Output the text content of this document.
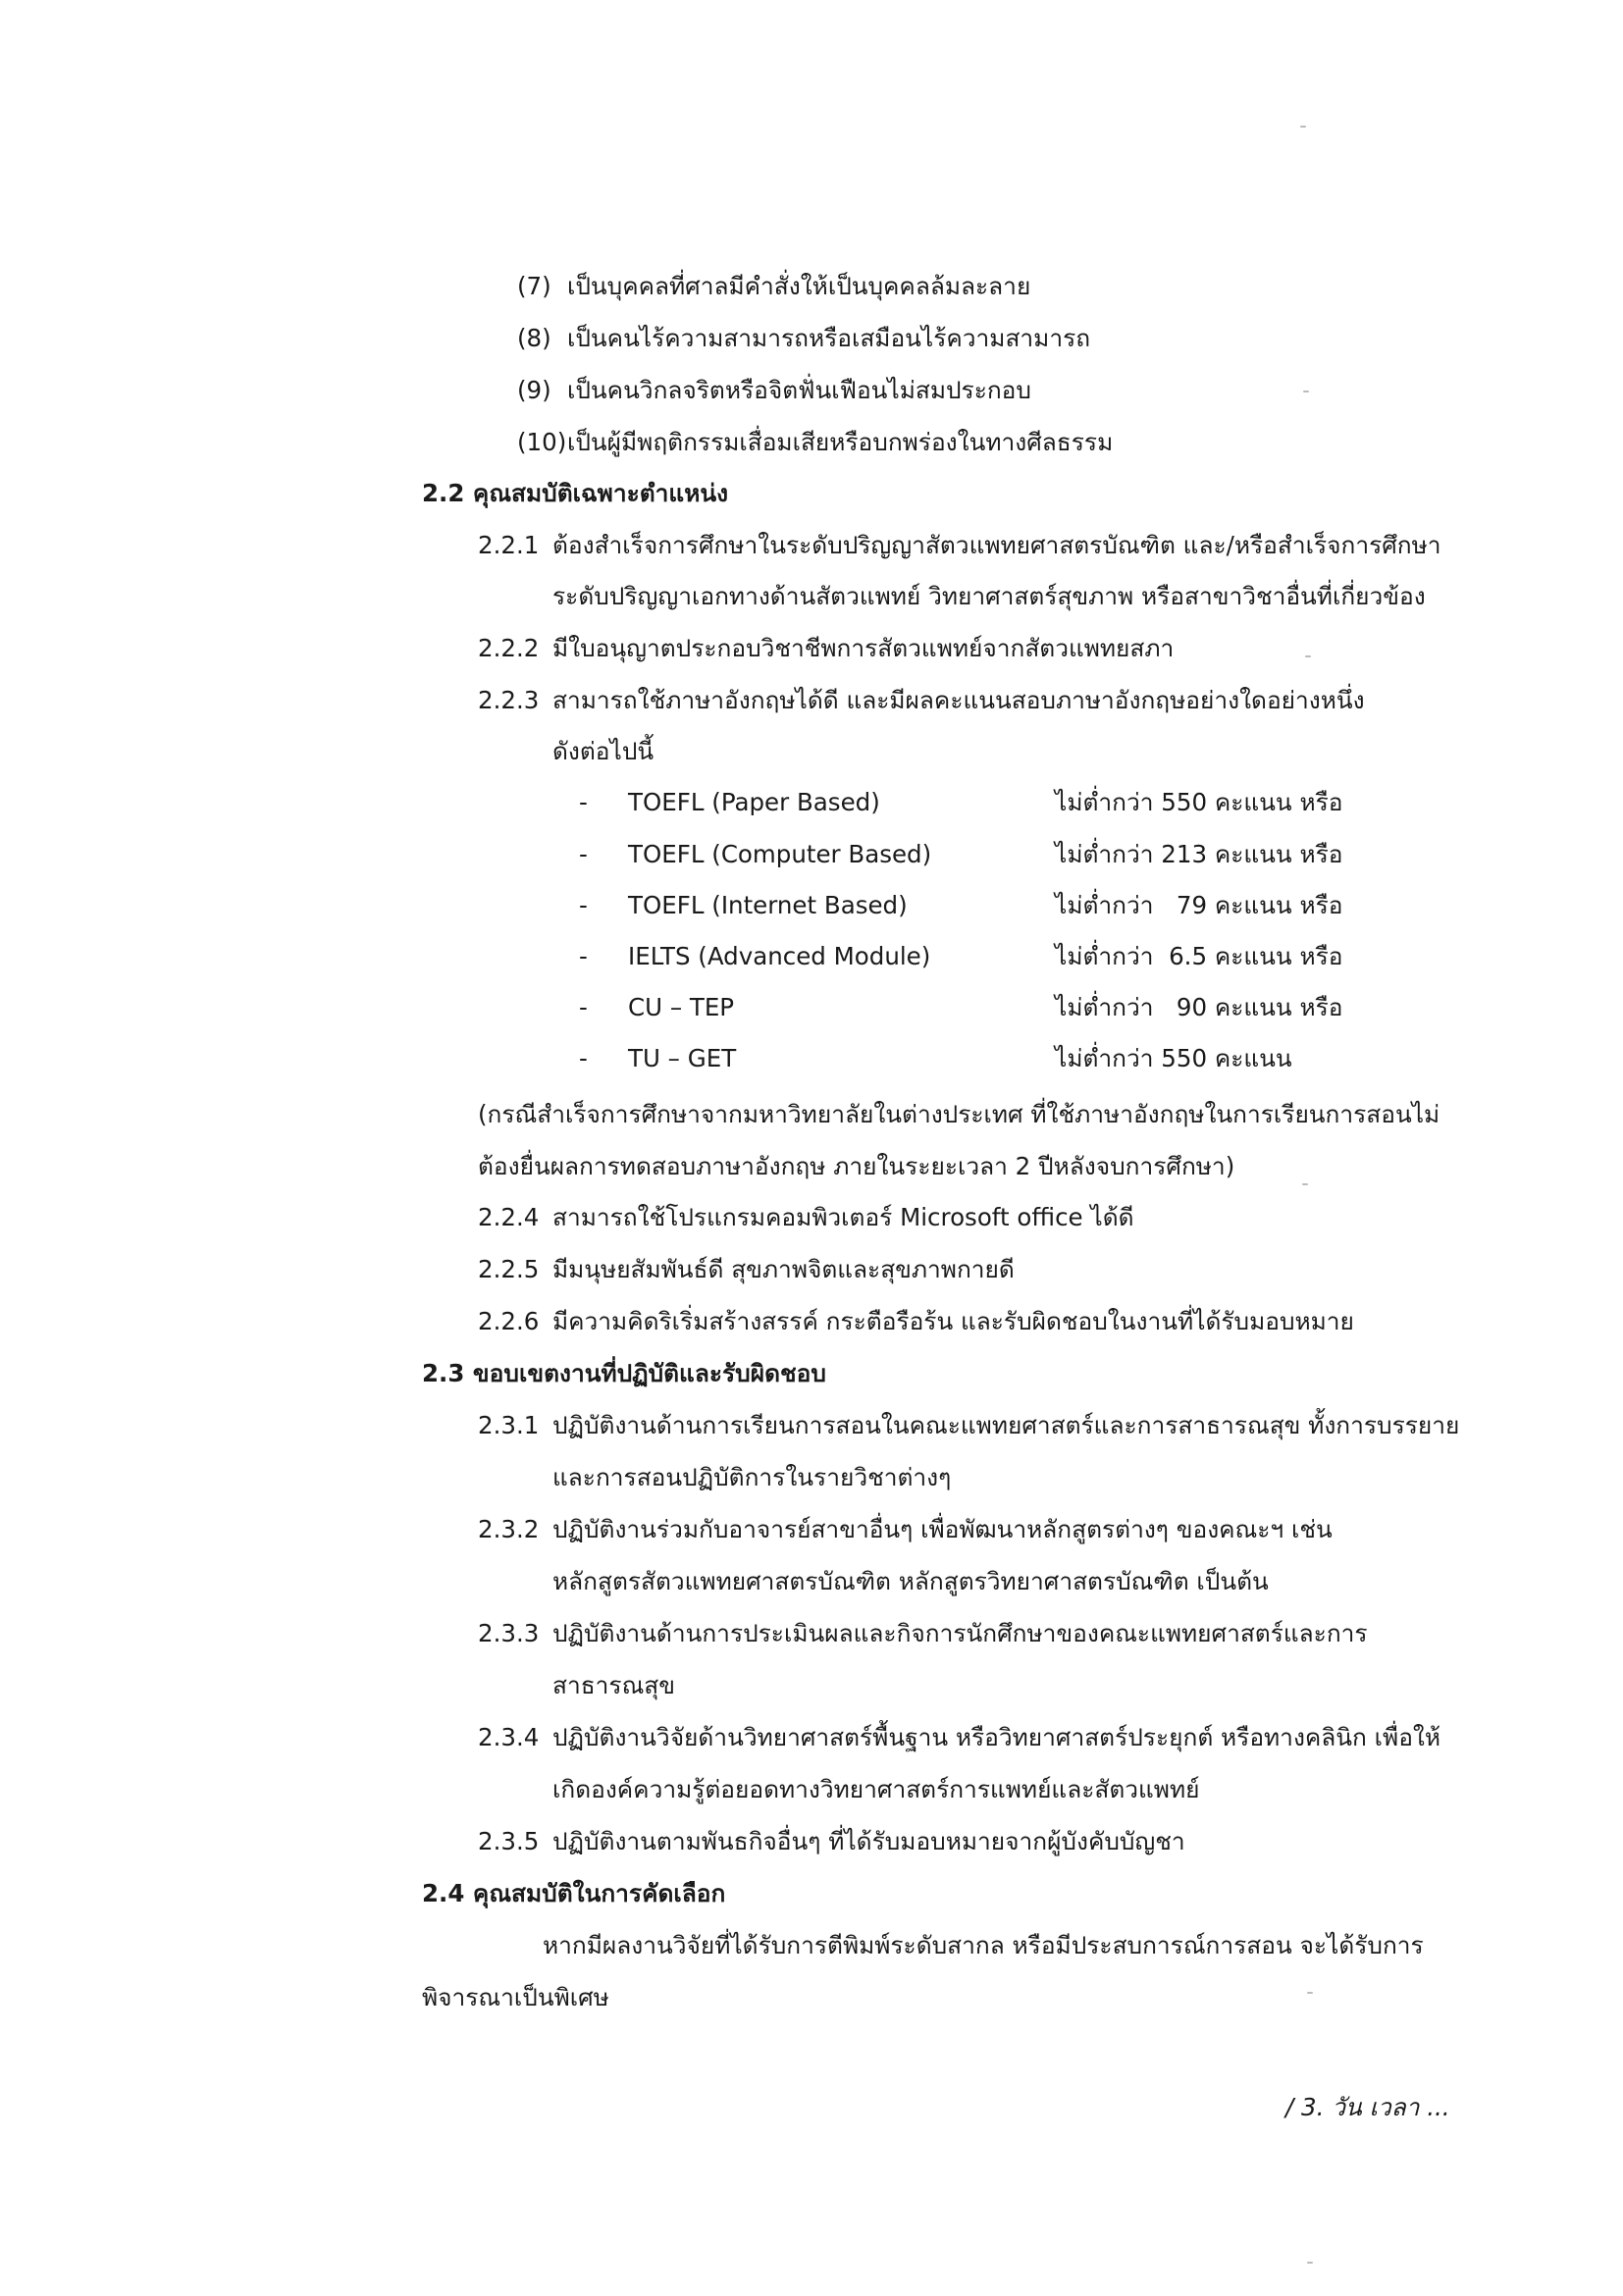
(7) เป็นบุคคลที่ศาลมีคำสั่งให้เป็นบุคคลล้มละลาย
(8) เป็นคนไร้ความสามารถหรือเสมือนไร้ความสามารถ
(9) เป็นคนวิกลจริตหรือจิตฟั่นเฟือนไม่สมประกอบ
(10) เป็นผู้มีพฤติกรรมเสื่อมเสียหรือบกพร่องในทางศีลธรรม
2.2 คุณสมบัติเฉพาะตำแหน่ง
2.2.1 ต้องสำเร็จการศึกษาในระดับปริญญาสัตวแพทยศาสตรบัณฑิต และ/หรือสำเร็จการศึกษา
ระดับปริญญาเอกทางด้านสัตวแพทย์ วิทยาศาสตร์สุขภาพ หรือสาขาวิชาอื่นที่เกี่ยวข้อง
2.2.2 มีใบอนุญาตประกอบวิชาชีพการสัตวแพทย์จากสัตวแพทยสภา
2.2.3 สามารถใช้ภาษาอังกฤษได้ดี และมีผลคะแนนสอบภาษาอังกฤษอย่างใดอย่างหนึ่ง
ดังต่อไปนี้
- TOEFL (Paper Based)	ไม่ต่ำกว่า 550 คะแนน หรือ
- TOEFL (Computer Based)	ไม่ต่ำกว่า 213 คะแนน หรือ
- TOEFL (Internet Based)	ไม่ต่ำกว่า   79 คะแนน หรือ
- IELTS (Advanced Module)	ไม่ต่ำกว่า  6.5 คะแนน หรือ
- CU – TEP	ไม่ต่ำกว่า   90 คะแนน หรือ
- TU – GET	ไม่ต่ำกว่า 550 คะแนน
(กรณีสำเร็จการศึกษาจากมหาวิทยาลัยในต่างประเทศ ที่ใช้ภาษาอังกฤษในการเรียนการสอนไม่
ต้องยื่นผลการทดสอบภาษาอังกฤษ ภายในระยะเวลา 2 ปีหลังจบการศึกษา)
2.2.4 สามารถใช้โปรแกรมคอมพิวเตอร์ Microsoft office ได้ดี
2.2.5 มีมนุษยสัมพันธ์ดี สุขภาพจิตและสุขภาพกายดี
2.2.6 มีความคิดริเริ่มสร้างสรรค์ กระตือรือร้น และรับผิดชอบในงานที่ได้รับมอบหมาย
2.3 ขอบเขตงานที่ปฏิบัติและรับผิดชอบ
2.3.1 ปฏิบัติงานด้านการเรียนการสอนในคณะแพทยศาสตร์และการสาธารณสุข ทั้งการบรรยาย
และการสอนปฏิบัติการในรายวิชาต่างๆ
2.3.2 ปฏิบัติงานร่วมกับอาจารย์สาขาอื่นๆ เพื่อพัฒนาหลักสูตรต่างๆ ของคณะฯ เช่น
หลักสูตรสัตวแพทยศาสตรบัณฑิต หลักสูตรวิทยาศาสตรบัณฑิต เป็นต้น
2.3.3 ปฏิบัติงานด้านการประเมินผลและกิจการนักศึกษาของคณะแพทยศาสตร์และการ
สาธารณสุข
2.3.4 ปฏิบัติงานวิจัยด้านวิทยาศาสตร์พื้นฐาน หรือวิทยาศาสตร์ประยุกต์ หรือทางคลินิก เพื่อให้
เกิดองค์ความรู้ต่อยอดทางวิทยาศาสตร์การแพทย์และสัตวแพทย์
2.3.5 ปฏิบัติงานตามพันธกิจอื่นๆ ที่ได้รับมอบหมายจากผู้บังคับบัญชา
2.4 คุณสมบัติในการคัดเลือก
หากมีผลงานวิจัยที่ได้รับการตีพิมพ์ระดับสากล หรือมีประสบการณ์การสอน จะได้รับการ
พิจารณาเป็นพิเศษ
/ 3. วัน เวลา ...
